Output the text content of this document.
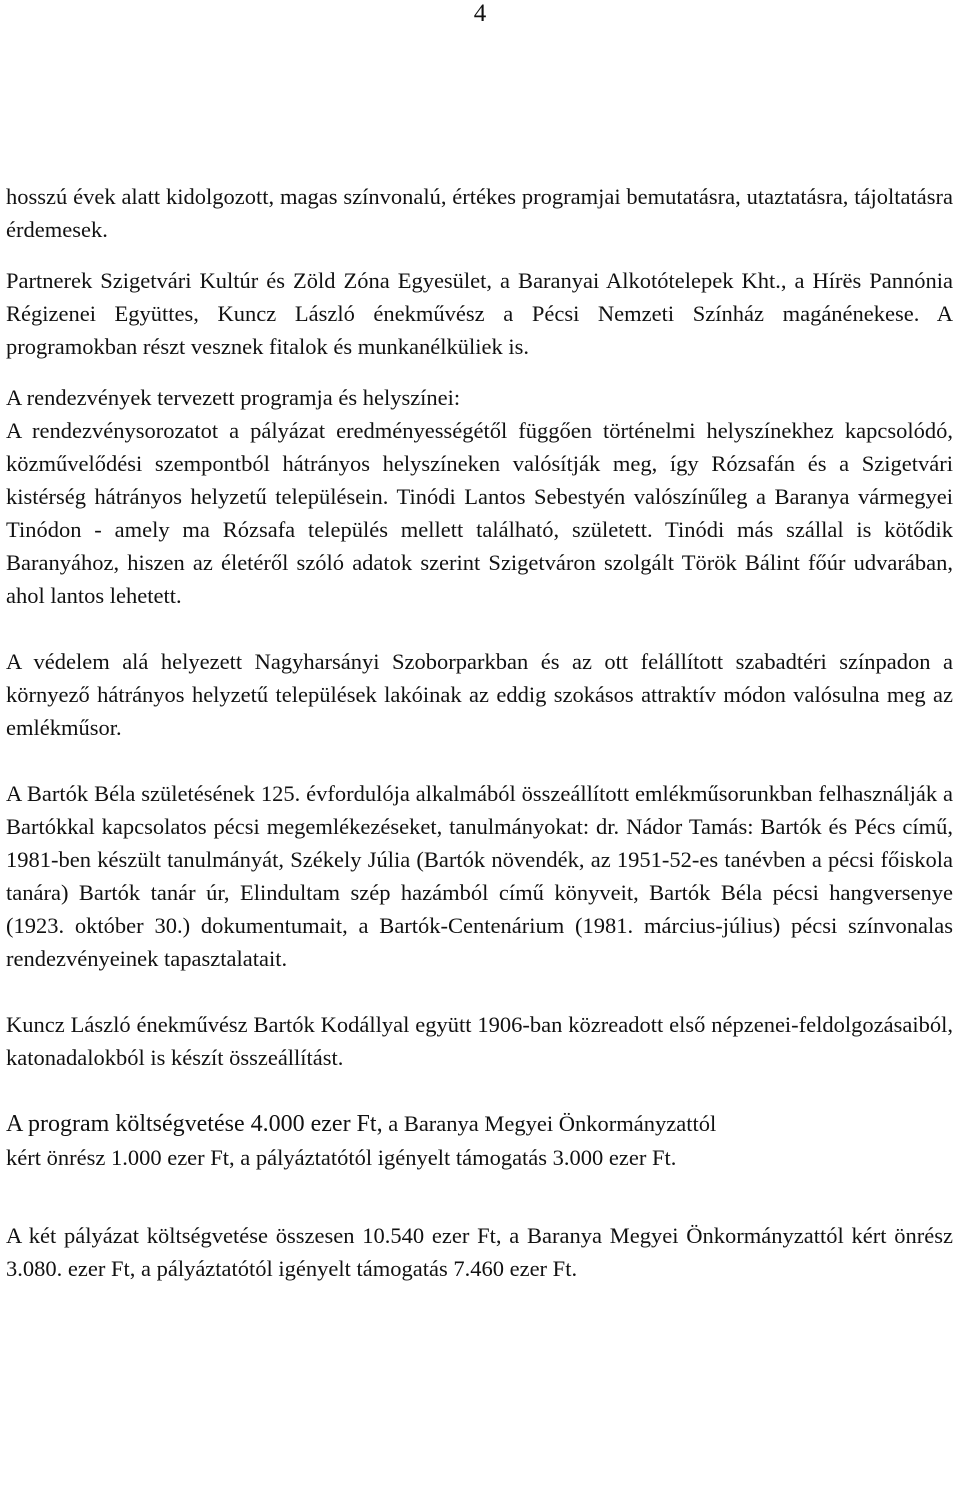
4

hosszú évek alatt kidolgozott, magas színvonalú, értékes programjai bemutatásra, utaztatásra, tájoltatásra érdemesek.

Partnerek Szigetvári Kultúr és Zöld Zóna Egyesület, a Baranyai Alkotótelepek Kht., a Hírës Pannónia Régizenei Együttes, Kuncz László énekművész a Pécsi Nemzeti Színház magánénekese. A programokban részt vesznek fitalok és munkanélküliek is.

A rendezvények tervezett programja és helyszínei:

A rendezvénysorozatot a pályázat eredményességétől függően történelmi helyszínekhez kapcsolódó, közművelődési szempontból hátrányos helyszíneken valósítják meg, így Rózsafán és a Szigetvári kistérség hátrányos helyzetű településein. Tinódi Lantos Sebestyén valószínűleg a Baranya vármegyei Tinódon - amely ma Rózsafa település mellett található, született. Tinódi más szállal is kötődik Baranyához, hiszen az életéről szóló adatok szerint Szigetváron szolgált Török Bálint főúr udvarában, ahol lantos lehetett.

A védelem alá helyezett Nagyharsányi Szoborparkban és az ott felállított szabadtéri színpadon a környező hátrányos helyzetű települések lakóinak az eddig szokásos attraktív módon valósulna meg az emlékműsor.

A Bartók Béla születésének 125. évfordulója alkalmából összeállított emlékműsorunkban felhasználják a Bartókkal kapcsolatos pécsi megemlékezéseket, tanulmányokat: dr. Nádor Tamás: Bartók és Pécs című, 1981-ben készült tanulmányát, Székely Júlia (Bartók növendék, az 1951-52-es tanévben a pécsi főiskola tanára) Bartók tanár úr, Elindultam szép hazámból című könyveit, Bartók Béla pécsi hangversenye (1923. október 30.) dokumentumait, a Bartók-Centenárium (1981. március-július) pécsi színvonalas rendezvényeinek tapasztalatait.

Kuncz László énekművész Bartók Kodállyal együtt 1906-ban közreadott első népzenei-feldolgozásaiból, katonadalokból is készít összeállítást.

A program költségvetése 4.000 ezer Ft, a Baranya Megyei Önkormányzattól
kért önrész 1.000 ezer Ft, a pályáztatótól igényelt támogatás 3.000 ezer Ft.

A két pályázat költségvetése összesen 10.540 ezer Ft, a Baranya Megyei Önkormányzattól kért önrész 3.080. ezer Ft, a pályáztatótól igényelt támogatás 7.460 ezer Ft.
